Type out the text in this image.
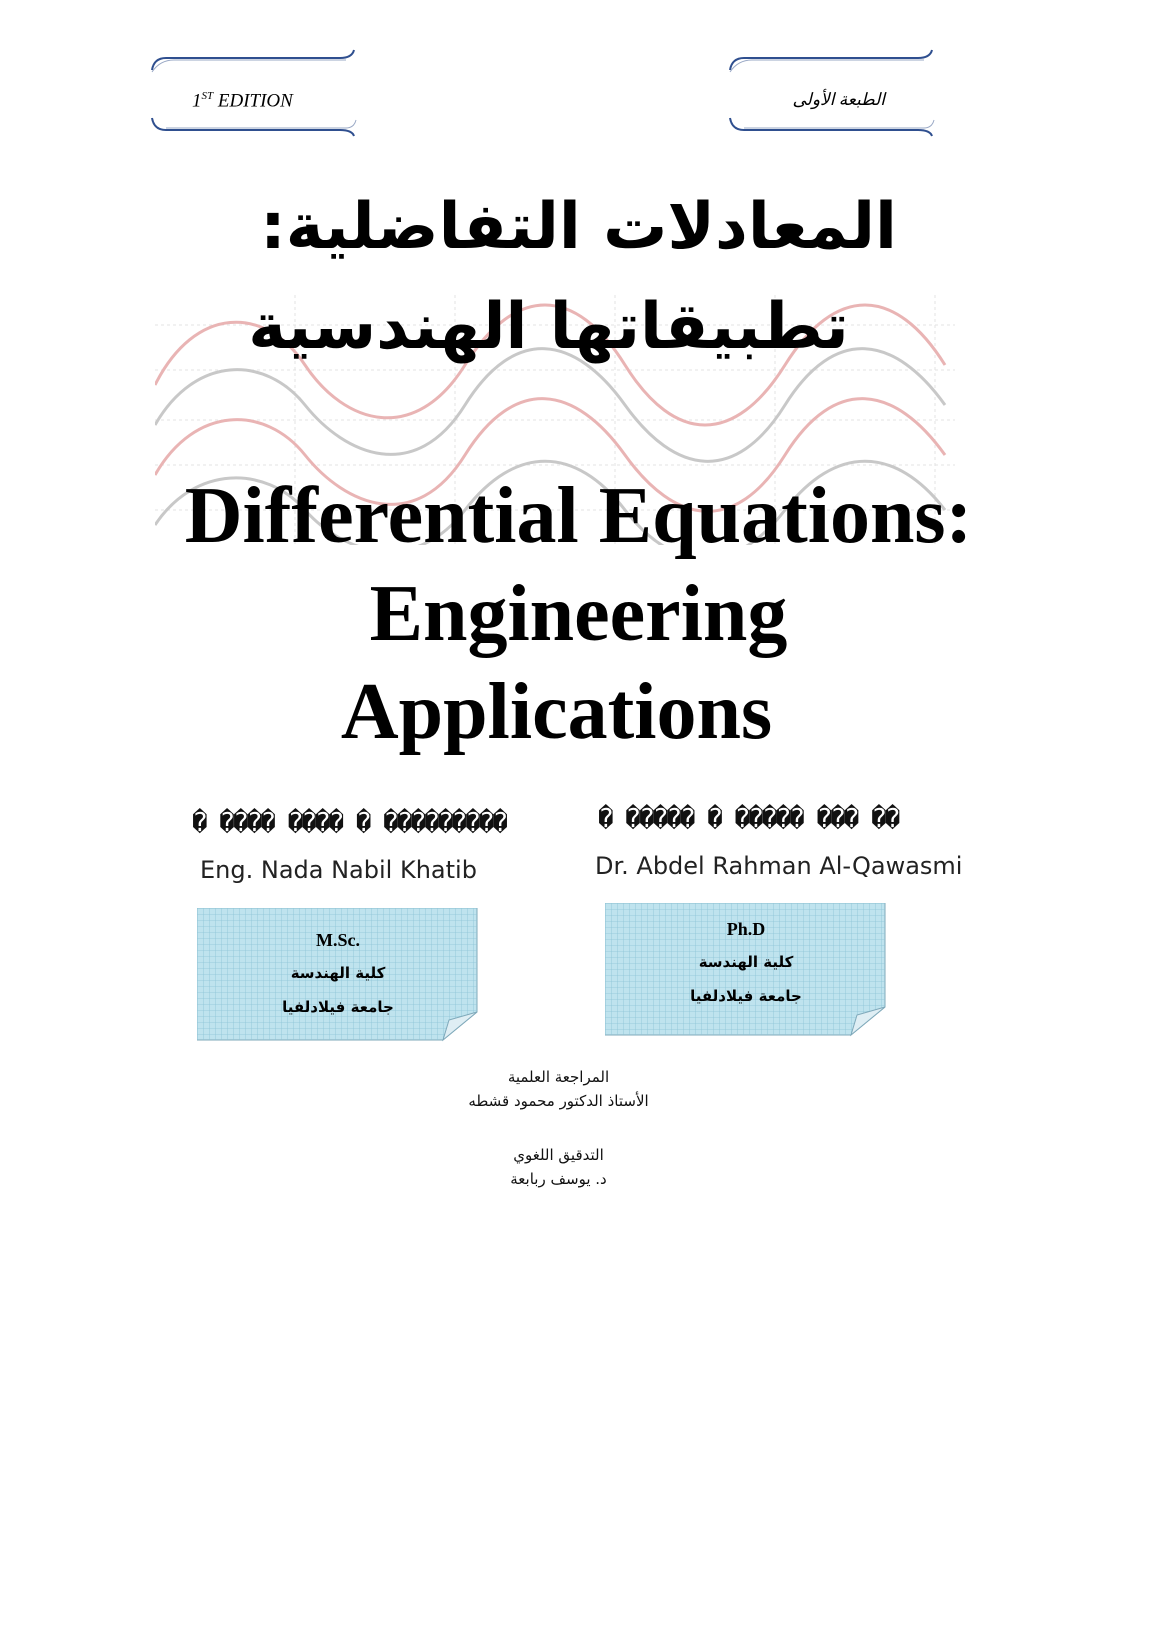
1ST EDITION	الطبعة الأولى
المعادلات التفاضلية:
تطبيقاتها الهندسية
Differential Equations:
Engineering
Applications
� ���� ���� � ���������	� ����� � ����� ��� ��
Eng. Nada Nabil Khatib	Dr. Abdel Rahman Al-Qawasmi
M.Sc.
كلية الهندسة
جامعة فيلادلفيا
Ph.D
كلية الهندسة
جامعة فيلادلفيا
المراجعة العلمية
الأستاذ الدكتور محمود قشطه
التدقيق اللغوي
د. يوسف ربابعة
